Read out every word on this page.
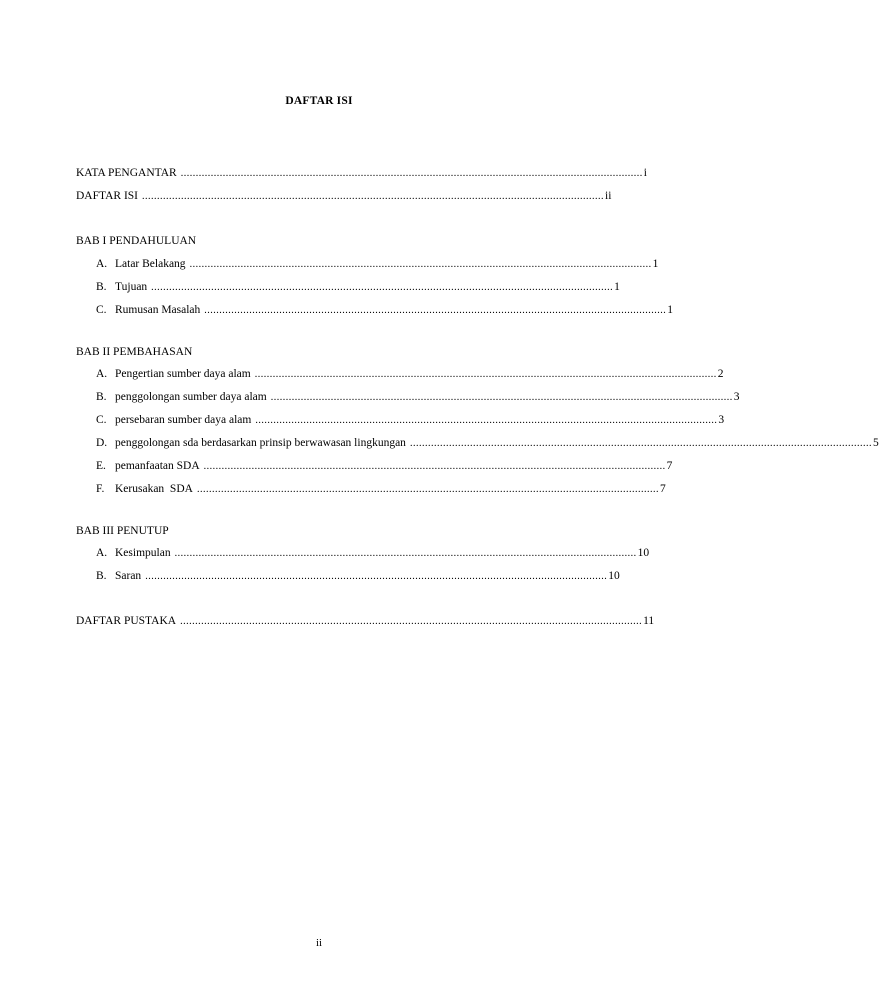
DAFTAR ISI
KATA PENGANTAR .......................................................................................................................................................... i
DAFTAR ISI .......................................................................................................................................................... ii
BAB I PENDAHULUAN
A. Latar Belakang .......................................................................................................................................................... 1
B. Tujuan .......................................................................................................................................................... 1
C. Rumusan Masalah .......................................................................................................................................................... 1
BAB II PEMBAHASAN
A. Pengertian sumber daya alam .......................................................................................................................................................... 2
B. penggolongan sumber daya alam .......................................................................................................................................................... 3
C. persebaran sumber daya alam .......................................................................................................................................................... 3
D. penggolongan sda berdasarkan prinsip berwawasan lingkungan .......................................................................................................................................................... 5
E. pemanfaatan SDA .......................................................................................................................................................... 7
F. Kerusakan  SDA .......................................................................................................................................................... 7
BAB III PENUTUP
A. Kesimpulan .......................................................................................................................................................... 10
B. Saran .......................................................................................................................................................... 10
DAFTAR PUSTAKA .......................................................................................................................................................... 11
ii
